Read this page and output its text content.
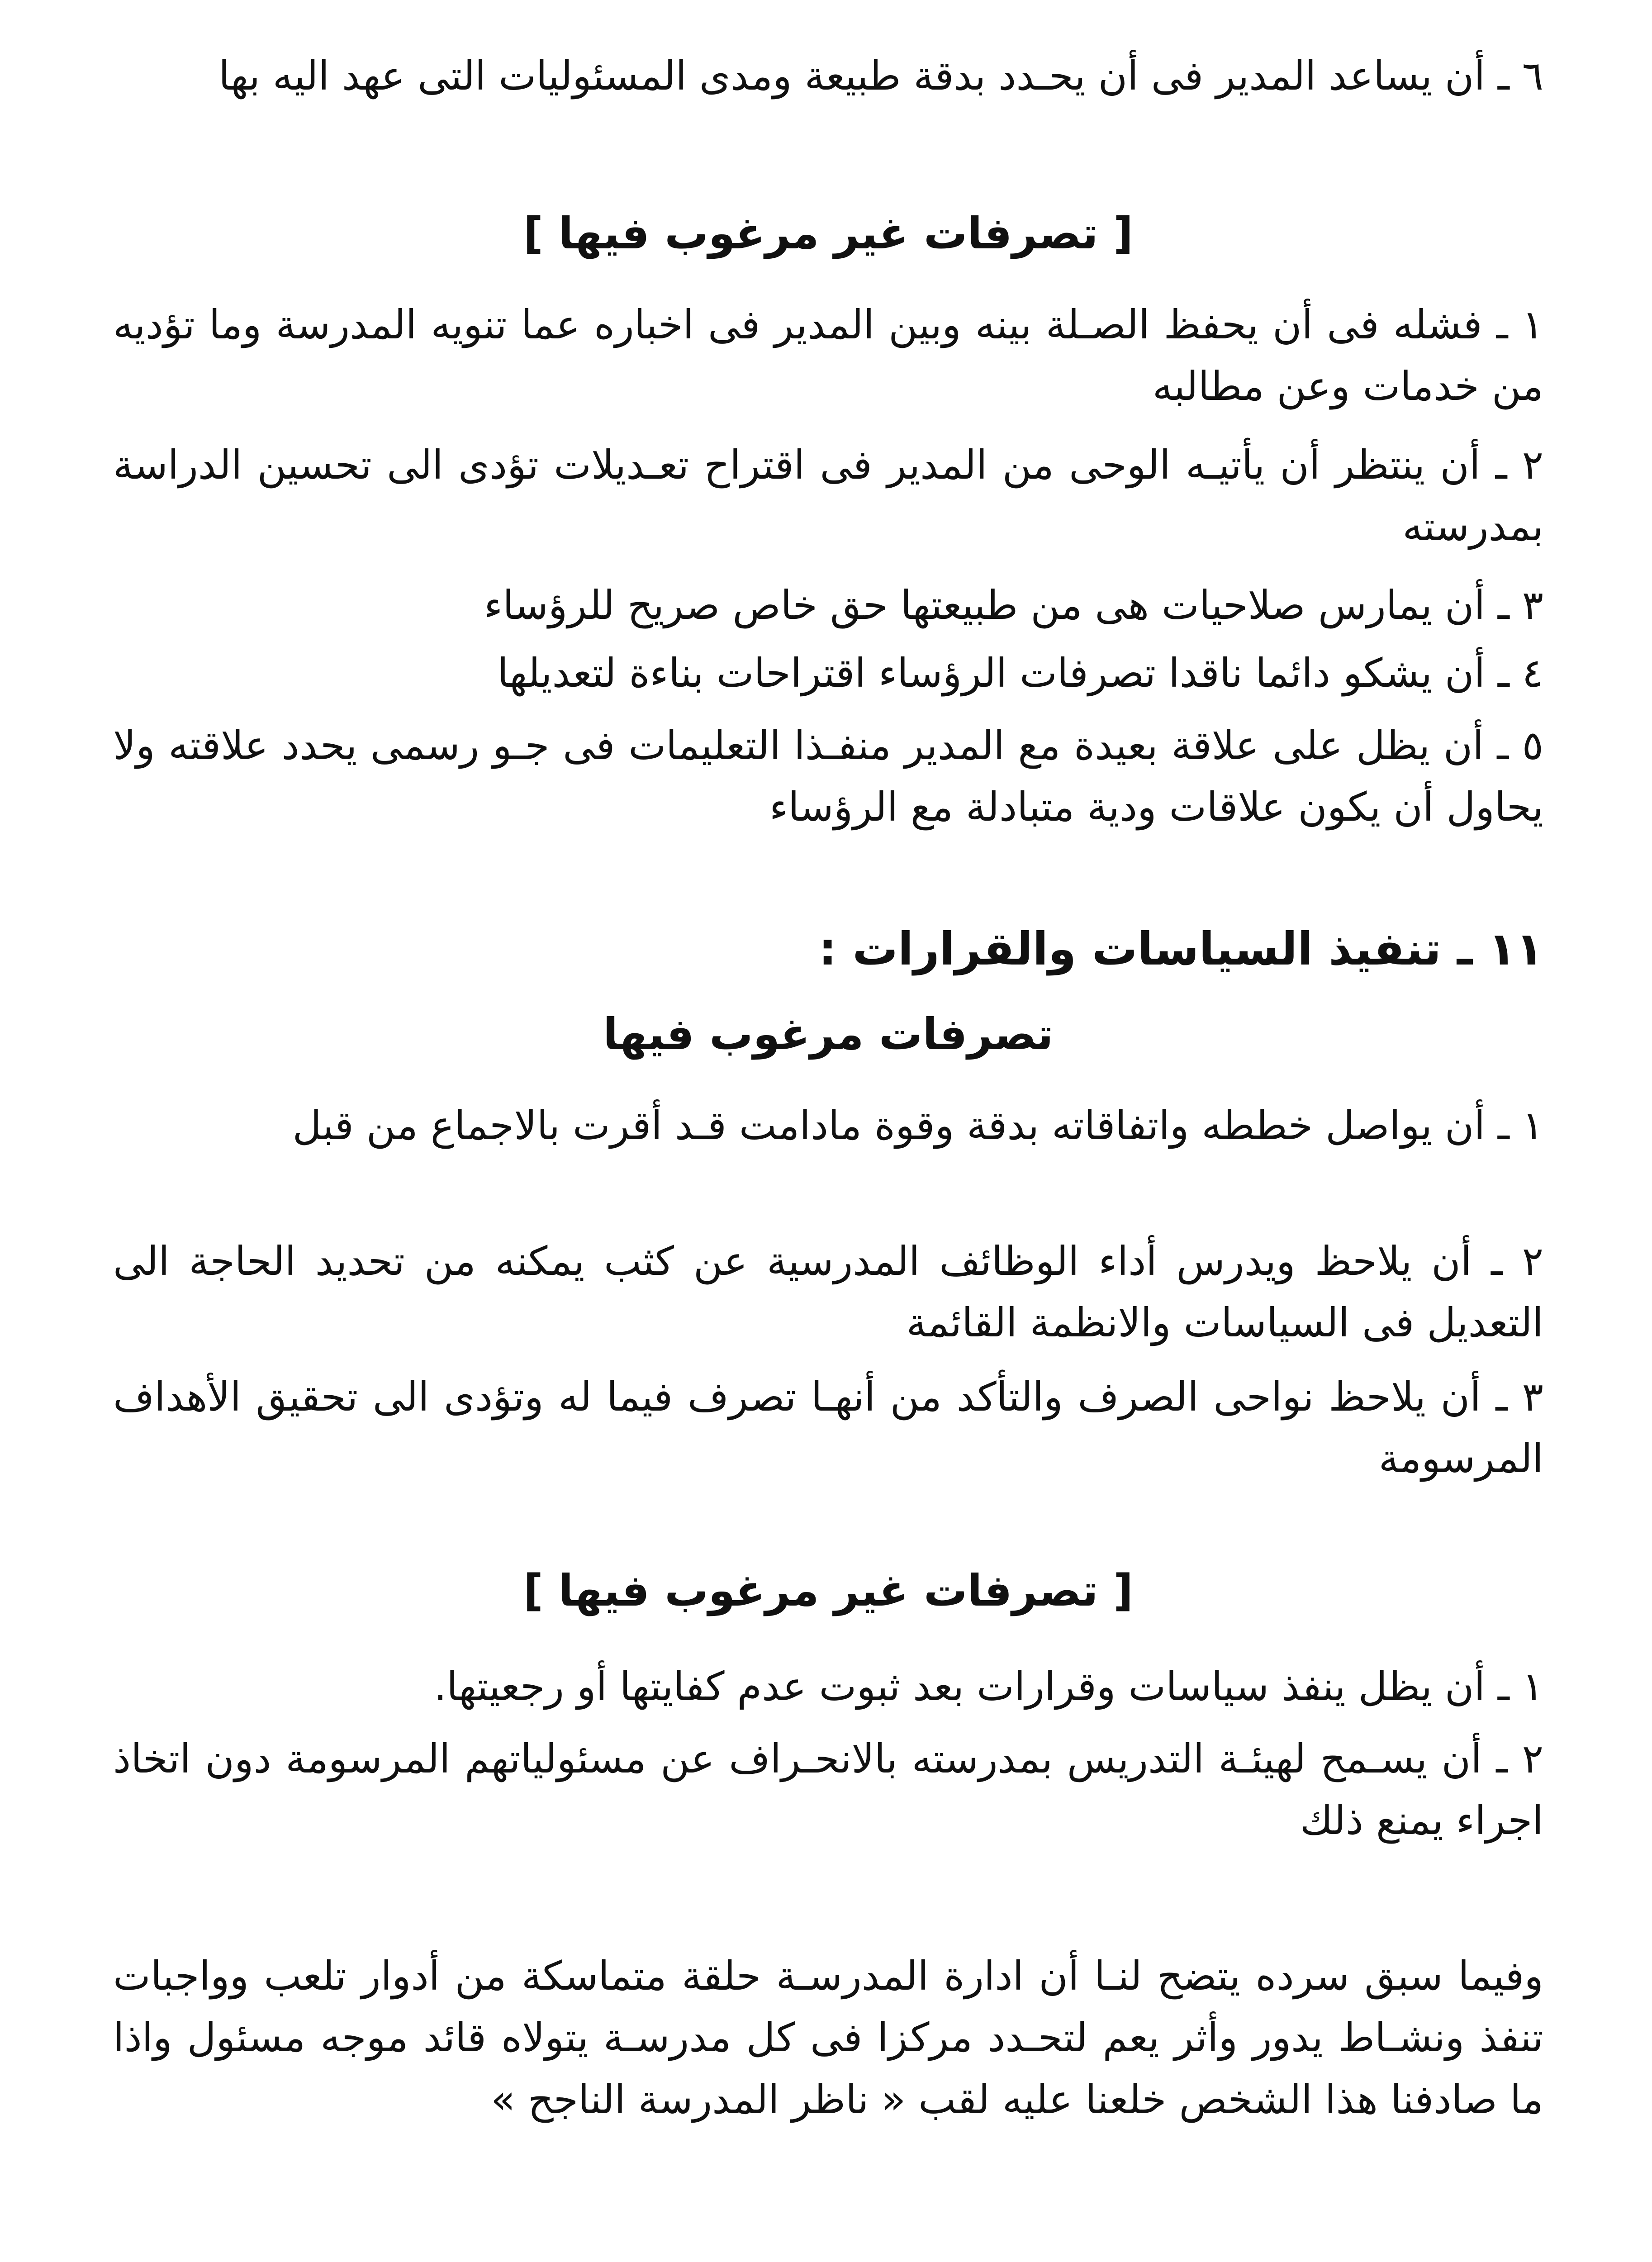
٦ ـ أن يساعد المدير فى أن يحـدد بدقة طبيعة ومدى المسئوليات التى عهد اليه بها

[ تصرفات غير مرغوب فيها ]

١ ـ فشله فى أن يحفظ الصـلة بينه وبين المدير فى اخباره عما تنويه المدرسة وما تؤديه من خدمات وعن مطالبه

٢ ـ أن ينتظر أن يأتيـه الوحى من المدير فى اقتراح تعـديلات تؤدى الى تحسين الدراسة بمدرسته

٣ ـ أن يمارس صلاحيات هى من طبيعتها حق خاص صريح للرؤساء

٤ ـ أن يشكو دائما ناقدا تصرفات الرؤساء اقتراحات بناءة لتعديلها

٥ ـ أن يظل على علاقة بعيدة مع المدير منفـذا التعليمات فى جـو رسمى يحدد علاقته ولا يحاول أن يكون علاقات ودية متبادلة مع الرؤساء

١١ ـ تنفيذ السياسات والقرارات :

تصرفات مرغوب فيها

١ ـ أن يواصل خططه واتفاقاته بدقة وقوة مادامت قـد أقرت بالاجماع من قبل

٢ ـ أن يلاحظ ويدرس أداء الوظائف المدرسية عن كثب يمكنه من تحديد الحاجة الى التعديل فى السياسات والانظمة القائمة

٣ ـ أن يلاحظ نواحى الصرف والتأكد من أنهـا تصرف فيما له وتؤدى الى تحقيق الأهداف المرسومة

[ تصرفات غير مرغوب فيها ]

١ ـ أن يظل ينفذ سياسات وقرارات بعد ثبوت عدم كفايتها أو رجعيتها.

٢ ـ أن يسـمح لهيئـة التدريس بمدرسته بالانحـراف عن مسئولياتهم المرسومة دون اتخاذ اجراء يمنع ذلك

وفيما سبق سرده يتضح لنـا أن ادارة المدرسـة حلقة متماسكة من أدوار تلعب وواجبات تنفذ ونشـاط يدور وأثر يعم لتحـدد مركزا فى كل مدرسـة يتولاه قائد موجه مسئول واذا ما صادفنا هذا الشخص خلعنا عليه لقب « ناظر المدرسة الناجح »
